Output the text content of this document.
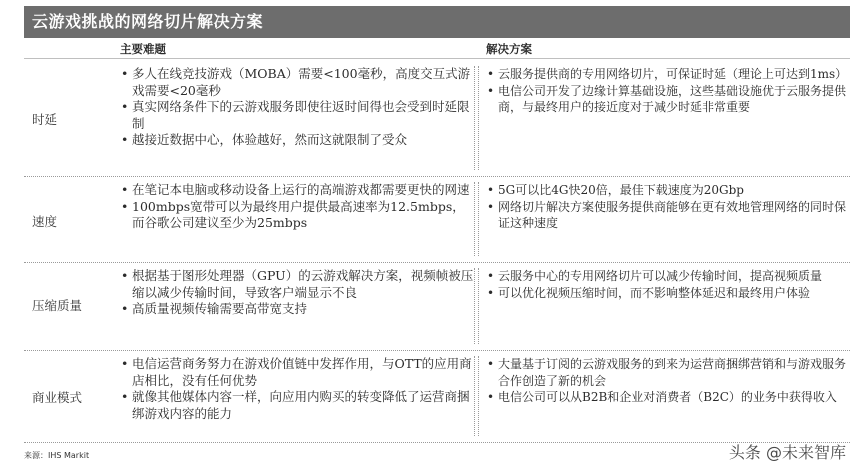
云游戏挑战的网络切片解决方案
主要难题	解决方案
时延
• 多人在线竞技游戏（MOBA）需要<100毫秒，高度交互式游戏需要<20毫秒
• 真实网络条件下的云游戏服务即使往返时间得也会受到时延限制
• 越接近数据中心，体验越好，然而这就限制了受众
• 云服务提供商的专用网络切片，可保证时延（理论上可达到1ms）
• 电信公司开发了边缘计算基础设施，这些基础设施优于云服务提供商，与最终用户的接近度对于减少时延非常重要
速度
• 在笔记本电脑或移动设备上运行的高端游戏都需要更快的网速
• 100mbps宽带可以为最终用户提供最高速率为12.5mbps，而谷歌公司建议至少为25mbps
• 5G可以比4G快20倍，最佳下载速度为20Gbp
• 网络切片解决方案使服务提供商能够在更有效地管理网络的同时保证这种速度
压缩质量
• 根据基于图形处理器（GPU）的云游戏解决方案，视频帧被压缩以减少传输时间，导致客户端显示不良
• 高质量视频传输需要高带宽支持
• 云服务中心的专用网络切片可以减少传输时间，提高视频质量
• 可以优化视频压缩时间，而不影响整体延迟和最终用户体验
商业模式
• 电信运营商务努力在游戏价值链中发挥作用，与OTT的应用商店相比，没有任何优势
• 就像其他媒体内容一样，向应用内购买的转变降低了运营商捆绑游戏内容的能力
• 大量基于订阅的云游戏服务的到来为运营商捆绑营销和与游戏服务合作创造了新的机会
• 电信公司可以从B2B和企业对消费者（B2C）的业务中获得收入
来源：IHS Markit	头条 @未来智库
